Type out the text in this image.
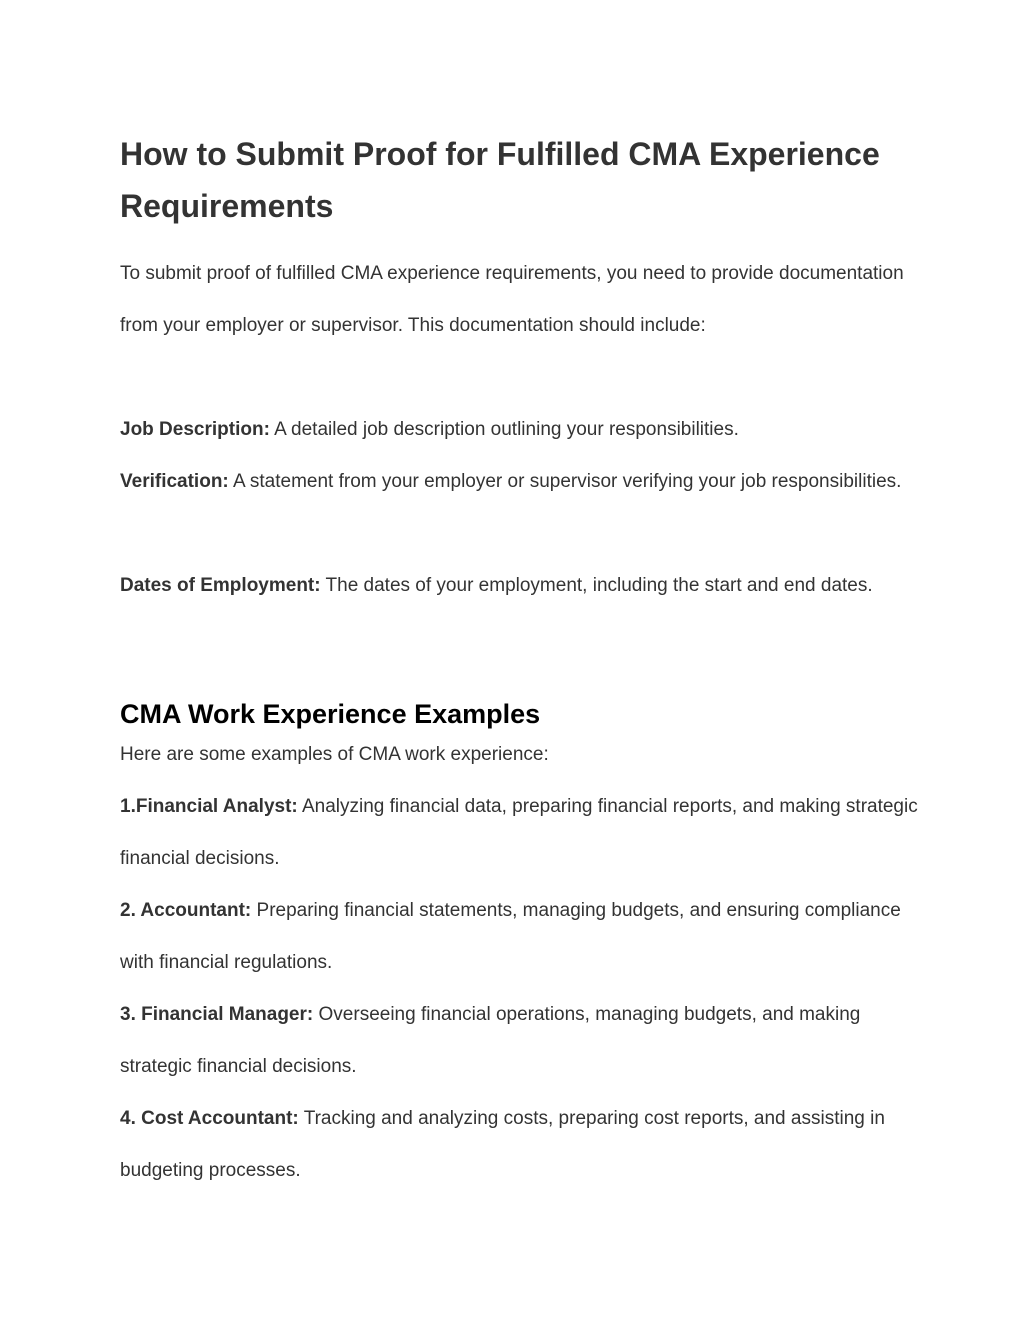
How to Submit Proof for Fulfilled CMA Experience Requirements

To submit proof of fulfilled CMA experience requirements, you need to provide documentation from your employer or supervisor. This documentation should include:

Job Description: A detailed job description outlining your responsibilities.

Verification: A statement from your employer or supervisor verifying your job responsibilities.

Dates of Employment: The dates of your employment, including the start and end dates.

CMA Work Experience Examples

Here are some examples of CMA work experience:

1.Financial Analyst: Analyzing financial data, preparing financial reports, and making strategic financial decisions.

2. Accountant: Preparing financial statements, managing budgets, and ensuring compliance with financial regulations.

3. Financial Manager: Overseeing financial operations, managing budgets, and making strategic financial decisions.

4. Cost Accountant: Tracking and analyzing costs, preparing cost reports, and assisting in budgeting processes.
